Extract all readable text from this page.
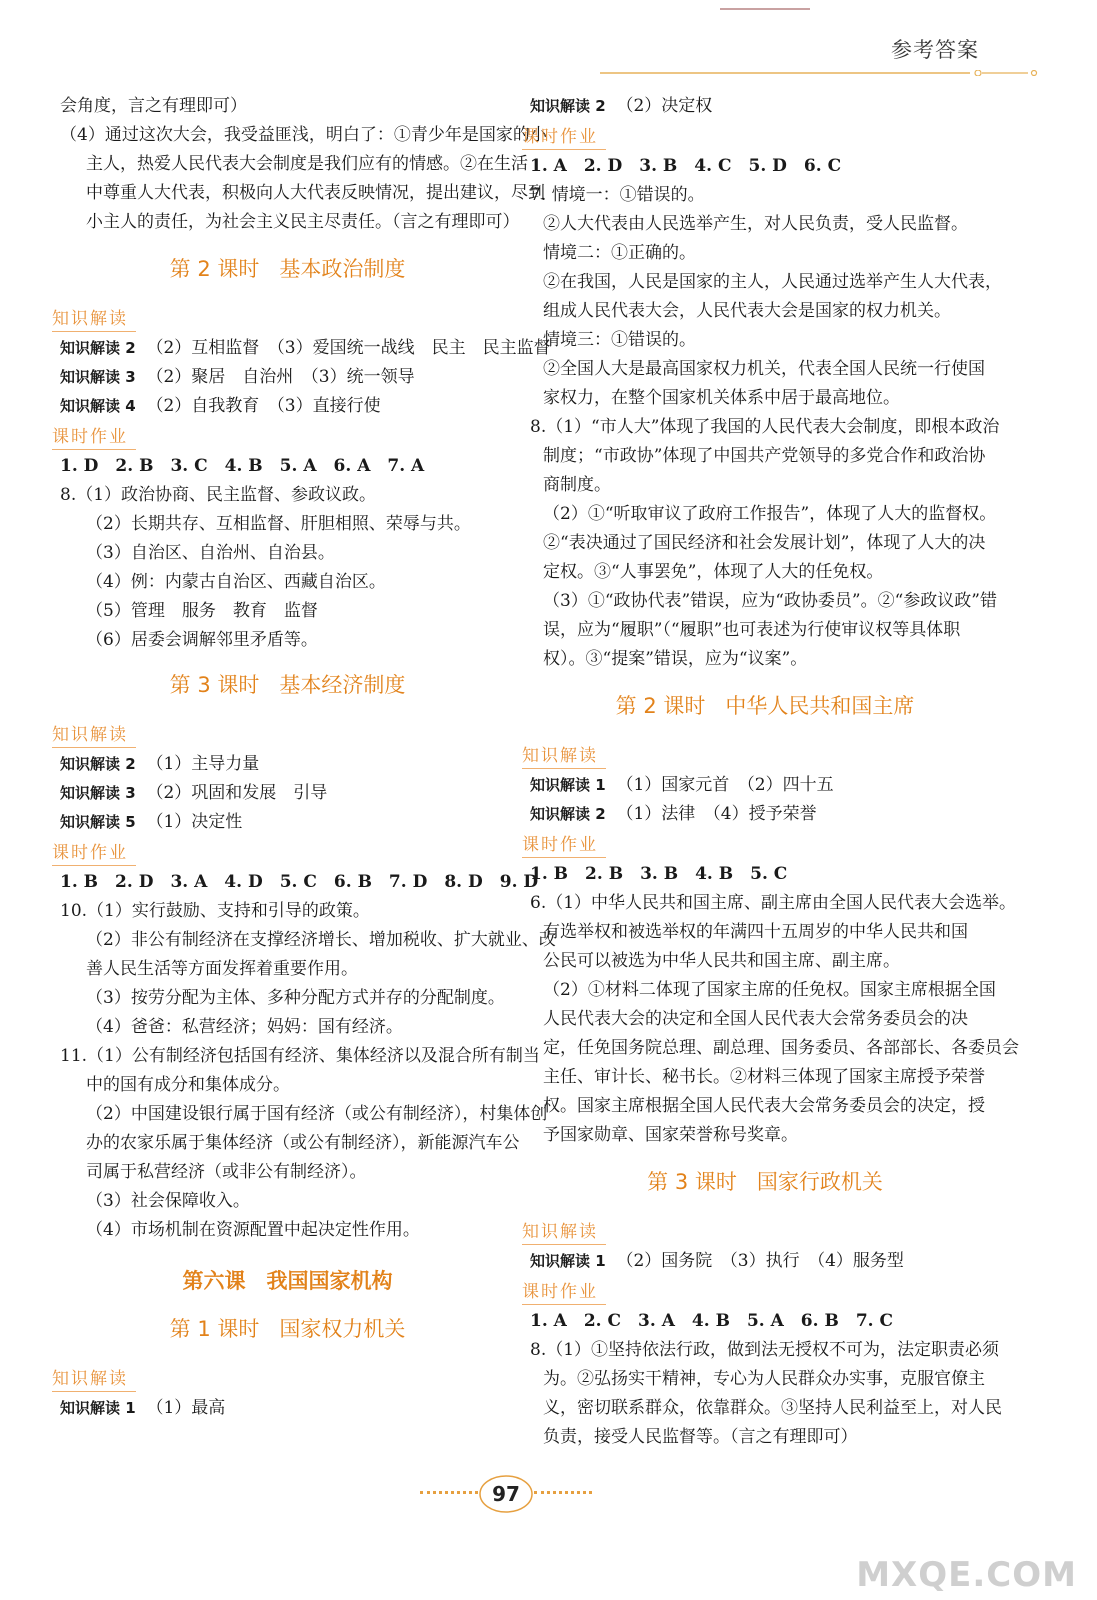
参考答案
会角度，言之有理即可）
（4）通过这次大会，我受益匪浅，明白了：①青少年是国家的小
主人，热爱人民代表大会制度是我们应有的情感。②在生活
中尊重人大代表，积极向人大代表反映情况，提出建议，尽到
小主人的责任，为社会主义民主尽责任。（言之有理即可）
第 2 课时 基本政治制度
知识解读
知识解读 2 （2）互相监督　（3）爱国统一战线　民主　民主监督
知识解读 3 （2）聚居　自治州　（3）统一领导
知识解读 4 （2）自我教育　（3）直接行使
课时作业
1. D　2. B　3. C　4. B　5. A　6. A　7. A
8.（1）政治协商、民主监督、参政议政。
（2）长期共存、互相监督、肝胆相照、荣辱与共。
（3）自治区、自治州、自治县。
（4）例：内蒙古自治区、西藏自治区。
（5）管理　服务　教育　监督
（6）居委会调解邻里矛盾等。
第 3 课时 基本经济制度
知识解读
知识解读 2 （1）主导力量
知识解读 3 （2）巩固和发展　引导
知识解读 5 （1）决定性
课时作业
1. B　2. D　3. A　4. D　5. C　6. B　7. D　8. D　9. D
10.（1）实行鼓励、支持和引导的政策。
（2）非公有制经济在支撑经济增长、增加税收、扩大就业、改
善人民生活等方面发挥着重要作用。
（3）按劳分配为主体、多种分配方式并存的分配制度。
（4）爸爸：私营经济；妈妈：国有经济。
11.（1）公有制经济包括国有经济、集体经济以及混合所有制当
中的国有成分和集体成分。
（2）中国建设银行属于国有经济（或公有制经济），村集体创
办的农家乐属于集体经济（或公有制经济），新能源汽车公
司属于私营经济（或非公有制经济）。
（3）社会保障收入。
（4）市场机制在资源配置中起决定性作用。
第六课　我国国家机构
第 1 课时 国家权力机关
知识解读
知识解读 1 （1）最高
知识解读 2 （2）决定权
课时作业
1. A　2. D　3. B　4. C　5. D　6. C
7. 情境一：①错误的。
②人大代表由人民选举产生，对人民负责，受人民监督。
情境二：①正确的。
②在我国，人民是国家的主人，人民通过选举产生人大代表，
组成人民代表大会，人民代表大会是国家的权力机关。
情境三：①错误的。
②全国人大是最高国家权力机关，代表全国人民统一行使国
家权力，在整个国家机关体系中居于最高地位。
8.（1）“市人大”体现了我国的人民代表大会制度，即根本政治
制度；“市政协”体现了中国共产党领导的多党合作和政治协
商制度。
（2）①“听取审议了政府工作报告”，体现了人大的监督权。
②“表决通过了国民经济和社会发展计划”，体现了人大的决
定权。③“人事罢免”，体现了人大的任免权。
（3）①“政协代表”错误，应为“政协委员”。②“参政议政”错
误，应为“履职”（“履职”也可表述为行使审议权等具体职
权）。③“提案”错误，应为“议案”。
第 2 课时 中华人民共和国主席
知识解读
知识解读 1 （1）国家元首　（2）四十五
知识解读 2 （1）法律　（4）授予荣誉
课时作业
1. B　2. B　3. B　4. B　5. C
6.（1）中华人民共和国主席、副主席由全国人民代表大会选举。
有选举权和被选举权的年满四十五周岁的中华人民共和国
公民可以被选为中华人民共和国主席、副主席。
（2）①材料二体现了国家主席的任免权。国家主席根据全国
人民代表大会的决定和全国人民代表大会常务委员会的决
定，任免国务院总理、副总理、国务委员、各部部长、各委员会
主任、审计长、秘书长。②材料三体现了国家主席授予荣誉
权。国家主席根据全国人民代表大会常务委员会的决定，授
予国家勋章、国家荣誉称号奖章。
第 3 课时 国家行政机关
知识解读
知识解读 1 （2）国务院　（3）执行　（4）服务型
课时作业
1. A　2. C　3. A　4. B　5. A　6. B　7. C
8.（1）①坚持依法行政，做到法无授权不可为，法定职责必须
为。②弘扬实干精神，专心为人民群众办实事，克服官僚主
义，密切联系群众，依靠群众。③坚持人民利益至上，对人民
负责，接受人民监督等。（言之有理即可）
97
MXQE.COM
